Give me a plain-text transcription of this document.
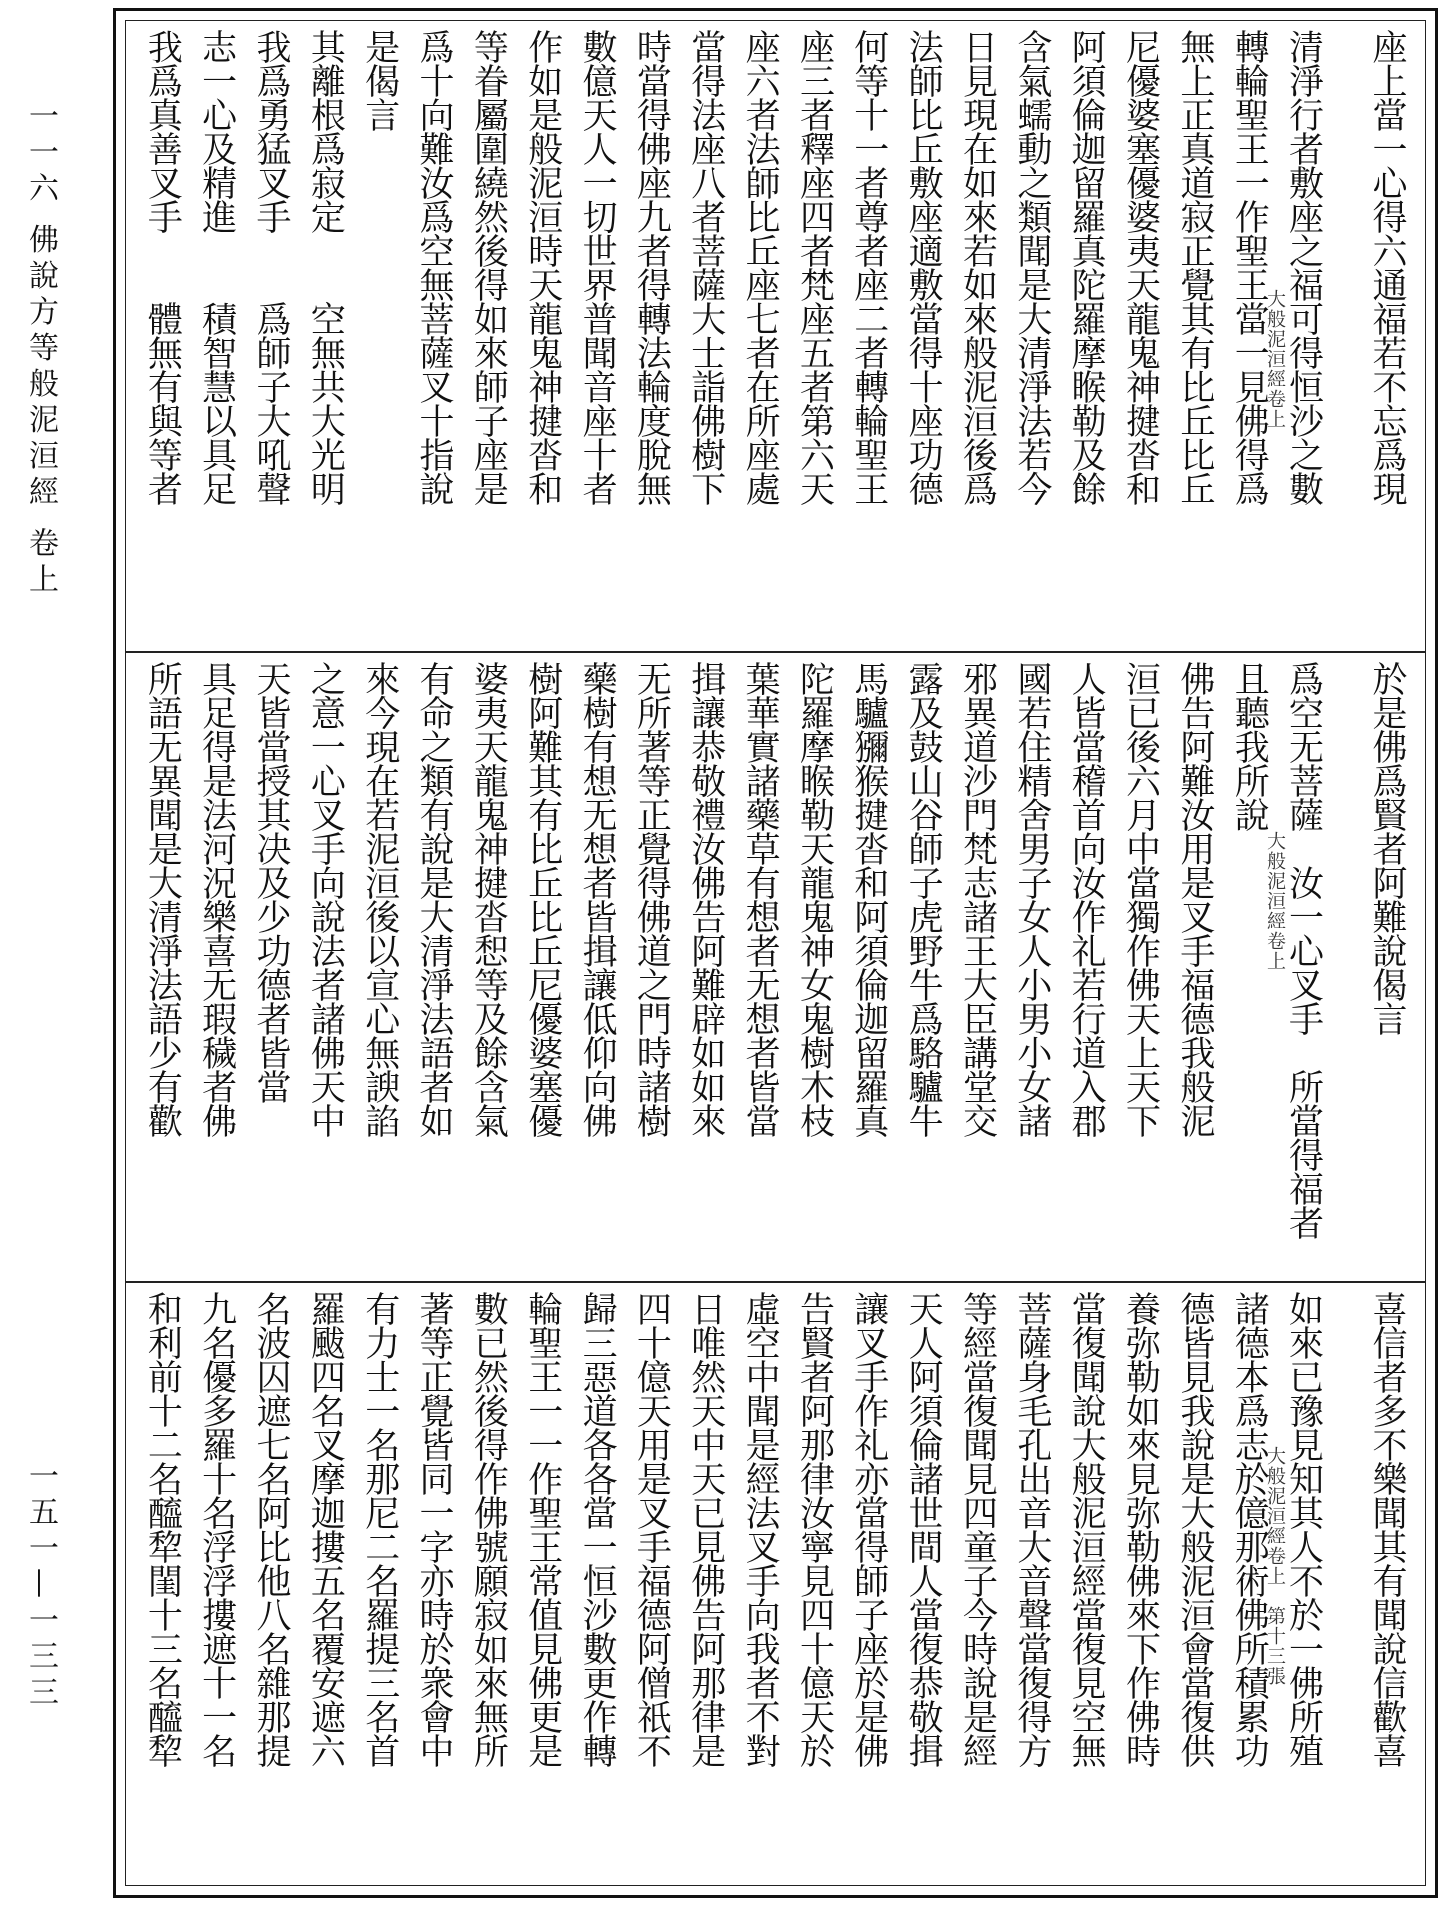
一一六 佛說方等般泥洹經 卷上
一五一—一三三
大般泥洹經卷上 座上當一心得六通福若不忘爲現
清淨行者敷座之福可得恒沙之數
轉輪聖王一作聖王當一見佛得爲
無上正真道寂正覺其有比丘比丘
尼優婆塞優婆夷天龍鬼神揵沓和
阿須倫迦留羅真陀羅摩睺勒及餘
含氣蠕動之類聞是大清淨法若今
日見現在如來若如來般泥洹後爲
法師比丘敷座適敷當得十座功德
何等十一者尊者座二者轉輪聖王
座三者釋座四者梵座五者第六天
座六者法師比丘座七者在所座處
當得法座八者菩薩大士詣佛樹下
時當得佛座九者得轉法輪度脫無
數億天人一切世界普聞音座十者
作如是般泥洹時天龍鬼神揵沓和
等眷屬圍繞然後得如來師子座是
爲十向難汝爲空無菩薩叉十指說
是偈言
其離根爲寂定　　空無共大光明
我爲勇猛叉手　　爲師子大吼聲
志一心及精進　　積智慧以具足
我爲真善叉手　　體無有與等者
大般泥洹經卷上 於是佛爲賢者阿難說偈言
爲空无菩薩　汝一心叉手　所當得福者
且聽我所說
佛告阿難汝用是叉手福德我般泥
洹已後六月中當獨作佛天上天下
人皆當稽首向汝作礼若行道入郡
國若住精舍男子女人小男小女諸
邪異道沙門梵志諸王大臣講堂交
露及鼓山谷師子虎野牛爲駱驢牛
馬驢獼猴揵沓和阿須倫迦留羅真
陀羅摩睺勒天龍鬼神女鬼樹木枝
葉華實諸藥草有想者无想者皆當
揖讓恭敬禮汝佛告阿難辟如如來
无所著等正覺得佛道之門時諸樹
藥樹有想无想者皆揖讓低仰向佛
樹阿難其有比丘比丘尼優婆塞優
婆夷天龍鬼神揵沓惒等及餘含氣
有命之類有說是大清淨法語者如
來今現在若泥洹後以宣心無諛諂
之意一心叉手向說法者諸佛天中
天皆當授其决及少功德者皆當
具足得是法河況樂喜无瑕穢者佛
所語无異聞是大清淨法語少有歡
大般泥洹經卷上　第十三張 喜信者多不樂聞其有聞說信歡喜
如來已豫見知其人不於一佛所殖
諸德本爲志於億那術佛所積累功
德皆見我說是大般泥洹會當復供
養弥勒如來見弥勒佛來下作佛時
當復聞說大般泥洹經當復見空無
菩薩身毛孔出音大音聲當復得方
等經當復聞見四童子今時說是經
天人阿須倫諸世間人當復恭敬揖
讓叉手作礼亦當得師子座於是佛
告賢者阿那律汝寧見四十億天於
虛空中聞是經法叉手向我者不對
日唯然天中天已見佛告阿那律是
四十億天用是叉手福德阿僧祇不
歸三惡道各各當一恒沙數更作轉
輪聖王一一作聖王常值見佛更是
數已然後得作佛號願寂如來無所
著等正覺皆同一字亦時於衆會中
有力士一名那尼二名羅提三名首
羅颰四名叉摩迦摟五名覆安遮六
名波囚遮七名阿比他八名雜那提
九名優多羅十名浮浮摟遮十一名
和利前十二名醯犂閨十三名醯犂
